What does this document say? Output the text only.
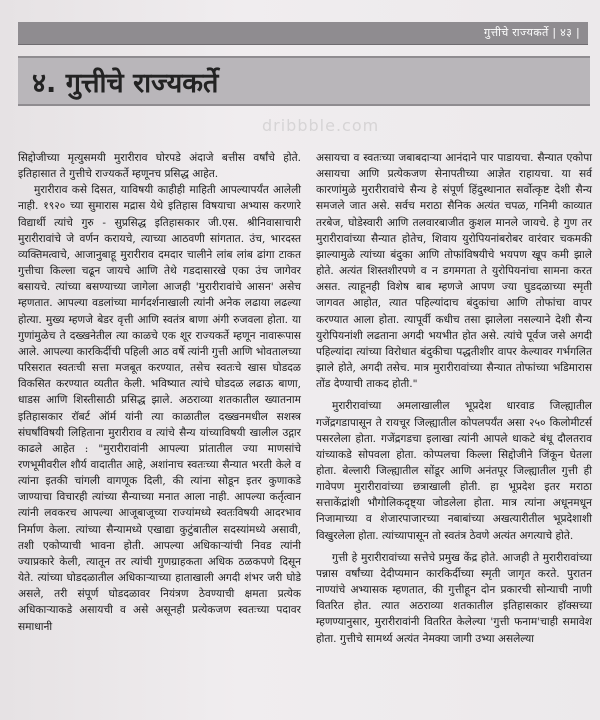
गुत्तीचे राज्यकर्ते | ४३ |
४. गुत्तीचे राज्यकर्ते
dribbble.com

सिद्दोजीच्या मृत्युसमयी मुरारीराव घोरपडे अंदाजे बत्तीस वर्षांचे होते. इतिहासात ते गुत्तीचे राज्यकर्ते म्हणूनच प्रसिद्ध आहेत.

मुरारीराव कसे दिसत, याविषयी काहीही माहिती आपल्यापर्यंत आलेली नाही. १९२० च्या सुमारास मद्रास येथे इतिहास विषयाचा अभ्यास करणारे विद्यार्थी त्यांचे गुरु - सुप्रसिद्ध इतिहासकार जी.एस. श्रीनिवासाचारी मुरारीरावांचे जे वर्णन करायचे, त्याच्या आठवणी सांगतात. उंच, भारदस्त व्यक्तिमत्वाचे, आजानुबाहू मुरारीराव दमदार चालीने लांब लांब ढांगा टाकत गुत्तीचा किल्ला चढून जायचे आणि तेथे गडदासारखे एका उंच जागेवर बसायचे. त्यांच्या बसण्याच्या जागेला आजही 'मुरारीरावांचे आसन' असेच म्हणतात. आपल्या वडलांच्या मार्गदर्शनाखाली त्यांनी अनेक लढाया लढल्या होत्या. मुख्य म्हणजे बेडर वृत्ती आणि स्वतंत्र बाणा अंगी रुजवला होता. या गुणांमुळेच ते दख्खनेतील त्या काळचे एक शूर राज्यकर्ते म्हणून नावारूपास आले. आपल्या कारकिर्दीची पहिली आठ वर्षे त्यांनी गुत्ती आणि भोवतालच्या परिसरात स्वतःची सत्ता मजबूत करण्यात, तसेच स्वतःचे खास घोडदळ विकसित करण्यात व्यतीत केली. भविष्यात त्यांचे घोडदळ लढाऊ बाणा, धाडस आणि शिस्तीसाठी प्रसिद्ध झाले. अठराव्या शतकातील ख्यातनाम इतिहासकार रॉबर्ट ऑर्म यांनी त्या काळातील दख्खनमधील सशस्त्र संघर्षांविषयी लिहिताना मुरारीराव व त्यांचे सैन्य यांच्याविषयी खालील उद्गार काढले आहेत : "मुरारीरावांनी आपल्या प्रांतातील ज्या माणसांचे रणभूमीवरील शौर्य वादातीत आहे, अशांनाच स्वतःच्या सैन्यात भरती केले व त्यांना इतकी चांगली वागणूक दिली, की त्यांना सोडून इतर कुणाकडे जाण्याचा विचारही त्यांच्या सैन्याच्या मनात आला नाही. आपल्या कर्तृत्वान त्यांनी लवकरच आपल्या आजूबाजूच्या राज्यांमध्ये स्वतःविषयी आदरभाव निर्माण केला. त्यांच्या सैन्यामध्ये एखाद्या कुटुंबातील सदस्यांमध्ये असावी, तशी एकोप्याची भावना होती. आपल्या अधिकाऱ्यांची निवड त्यांनी ज्याप्रकारे केली, त्यातून तर त्यांची गुणग्राहकता अधिक ठळकपणे दिसून येते. त्यांच्या घोडदळातील अधिकाऱ्याच्या हाताखाली अगदी शंभर जरी घोडे असले, तरी संपूर्ण घोडदळावर नियंत्रण ठेवण्याची क्षमता प्रत्येक अधिकाऱ्याकडे असायची व असे असूनही प्रत्येकजण स्वतःच्या पदावर समाधानी

असायचा व स्वतःच्या जबाबदाऱ्या आनंदाने पार पाडायचा. सैन्यात एकोपा असायचा आणि प्रत्येकजण सेनापतीच्या आज्ञेत राहायचा. या सर्व कारणांमुळे मुरारीरावांचे सैन्य हे संपूर्ण हिंदुस्थानात सर्वोत्कृष्ट देशी सैन्य समजले जात असे. सर्वच मराठा सैनिक अत्यंत चपळ, गनिमी काव्यात तरबेज, घोडेस्वारी आणि तलवारबाजीत कुशल मानले जायचे. हे गुण तर मुरारीरावांच्या सैन्यात होतेच, शिवाय युरोपियनांबरोबर वारंवार चकमकी झाल्यामुळे त्यांच्या बंदुका आणि तोफांविषयीचे भयपण खूप कमी झाले होते. अत्यंत शिस्तशीरपणे व न डगमगता ते युरोपियनांचा सामना करत असत. त्याहूनही विशेष बाब म्हणजे आपण ज्या घुडदळाच्या स्मृती जागवत आहोत, त्यात पहिल्यांदाच बंदुकांचा आणि तोफांचा वापर करण्यात आला होता. त्यापूर्वी कधीच तसा झालेला नसल्याने देशी सैन्य युरोपियनांशी लढताना अगदी भयभीत होत असे. त्यांचे पूर्वज जसे अगदी पहिल्यांदा त्यांच्या विरोधात बंदुकीचा पद्धतीशीर वापर केल्यावर गर्भगलित झाले होते, अगदी तसेच. मात्र मुरारीरावांच्या सैन्यात तोफांच्या भडिमारास तोंड देण्याची ताकद होती."

मुरारीरावांच्या अमलाखालील भूप्रदेश धारवाड जिल्ह्यातील गजेंद्रगडापासून ते रायचूर जिल्ह्यातील कोपलपर्यंत असा २५० किलोमीटर्स पसरलेला होता. गजेंद्रगडचा इलाखा त्यांनी आपले धाकटे बंधू दौलतराव यांच्याकडे सोपवला होता. कोप्पलचा किल्ला सिद्दोजीने जिंकून घेतला होता. बेल्लारी जिल्ह्यातील सोंडूर आणि अनंतपूर जिल्ह्यातील गुत्ती ही गावेपण मुरारीरावांच्या छत्राखाली होती. हा भूप्रदेश इतर मराठा सत्ताकेंद्रांशी भौगोलिकदृष्ट्या जोडलेला होता. मात्र त्यांना अधूनमधून निजामाच्या व शेजारपाजारच्या नबाबांच्या अखत्यारीतील भूप्रदेशाशी विखुरलेला होता. त्यांच्यापासून तो स्वतंत्र ठेवणे अत्यंत अगत्याचे होते.

गुत्ती हे मुरारीरावांच्या सत्तेचे प्रमुख केंद्र होते. आजही ते मुरारीरावांच्या पन्नास वर्षांच्या देदीप्यमान कारकिर्दीच्या स्मृती जागृत करते. पुरातन नाण्यांचे अभ्यासक म्हणतात, की गुत्तीहून दोन प्रकारची सोन्याची नाणी वितरित होत. त्यात अठराव्या शतकातील इतिहासकार हॉक्सच्या म्हणण्यानुसार, मुरारीरावांनी वितरित केलेल्या 'गुत्ती फनाम'चाही समावेश होता. गुत्तीचे सामर्थ्य अत्यंत नेमक्या जागी उभ्या असलेल्या
